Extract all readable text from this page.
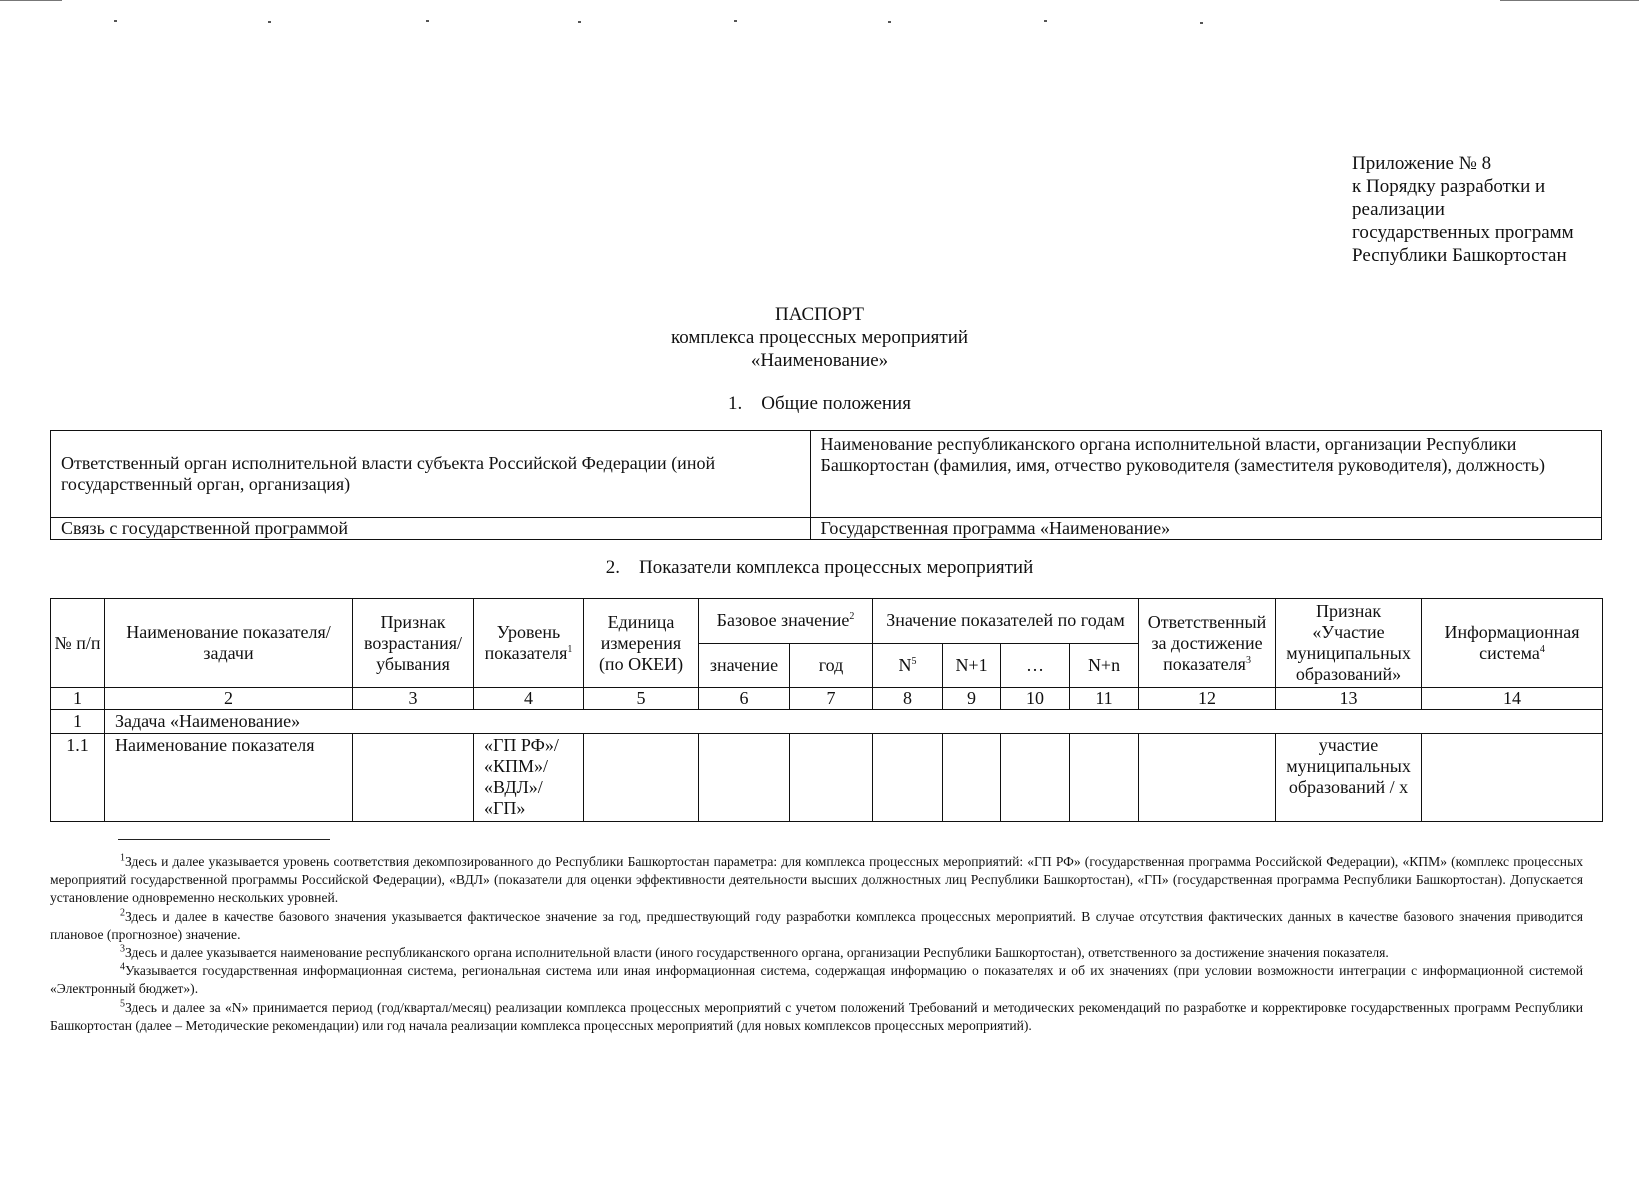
Приложение № 8
к Порядку разработки и
реализации
государственных программ
Республики Башкортостан
ПАСПОРТ
комплекса процессных мероприятий
«Наименование»
1. Общие положения
Ответственный орган исполнительной власти субъекта Российской Федерации (иной государственный орган, организация)	Наименование республиканского органа исполнительной власти, организации Республики Башкортостан (фамилия, имя, отчество руководителя (заместителя руководителя), должность)
Связь с государственной программой	Государственная программа «Наименование»
2. Показатели комплекса процессных мероприятий
№ п/п	Наименование показателя/задачи	Признак возрастания/ убывания	Уровень показателя$^1$	Единица измерения (по ОКЕИ)	Базовое значение$^2$		Значение показателей по годам				Ответственный за достижение показателя$^3$	Признак «Участие муниципальных образований»	Информационная система$^4$
					значение	год	$N^5$	N+1	…	N+n			
1	2	3	4	5	6	7	8	9	10	11	12	13	14
1	Задача «Наименование»												
1.1	Наименование показателя		«ГП РФ»/ «КПМ»/ «ВДЛ»/ «ГП»									участие муниципальных образований / х	

$^1$Здесь и далее указывается уровень соответствия декомпозированного до Республики Башкортостан параметра: для комплекса процессных мероприятий: «ГП РФ» (государственная программа Российской Федерации), «КПМ» (комплекс процессных мероприятий государственной программы Российской Федерации), «ВДЛ» (показатели для оценки эффективности деятельности высших должностных лиц Республики Башкортостан), «ГП» (государственная программа Республики Башкортостан). Допускается установление одновременно нескольких уровней.

$^2$Здесь и далее в качестве базового значения указывается фактическое значение за год, предшествующий году разработки комплекса процессных мероприятий. В случае отсутствия фактических данных в качестве базового значения приводится плановое (прогнозное) значение.

$^3$Здесь и далее указывается наименование республиканского органа исполнительной власти (иного государственного органа, организации Республики Башкортостан), ответственного за достижение значения показателя.

$^4$Указывается государственная информационная система, региональная система или иная информационная система, содержащая информацию о показателях и об их значениях (при условии возможности интеграции с информационной системой «Электронный бюджет»).

$^5$Здесь и далее за «N» принимается период (год/квартал/месяц) реализации комплекса процессных мероприятий с учетом положений Требований и методических рекомендаций по разработке и корректировке государственных программ Республики Башкортостан (далее – Методические рекомендации) или год начала реализации комплекса процессных мероприятий (для новых комплексов процессных мероприятий).
